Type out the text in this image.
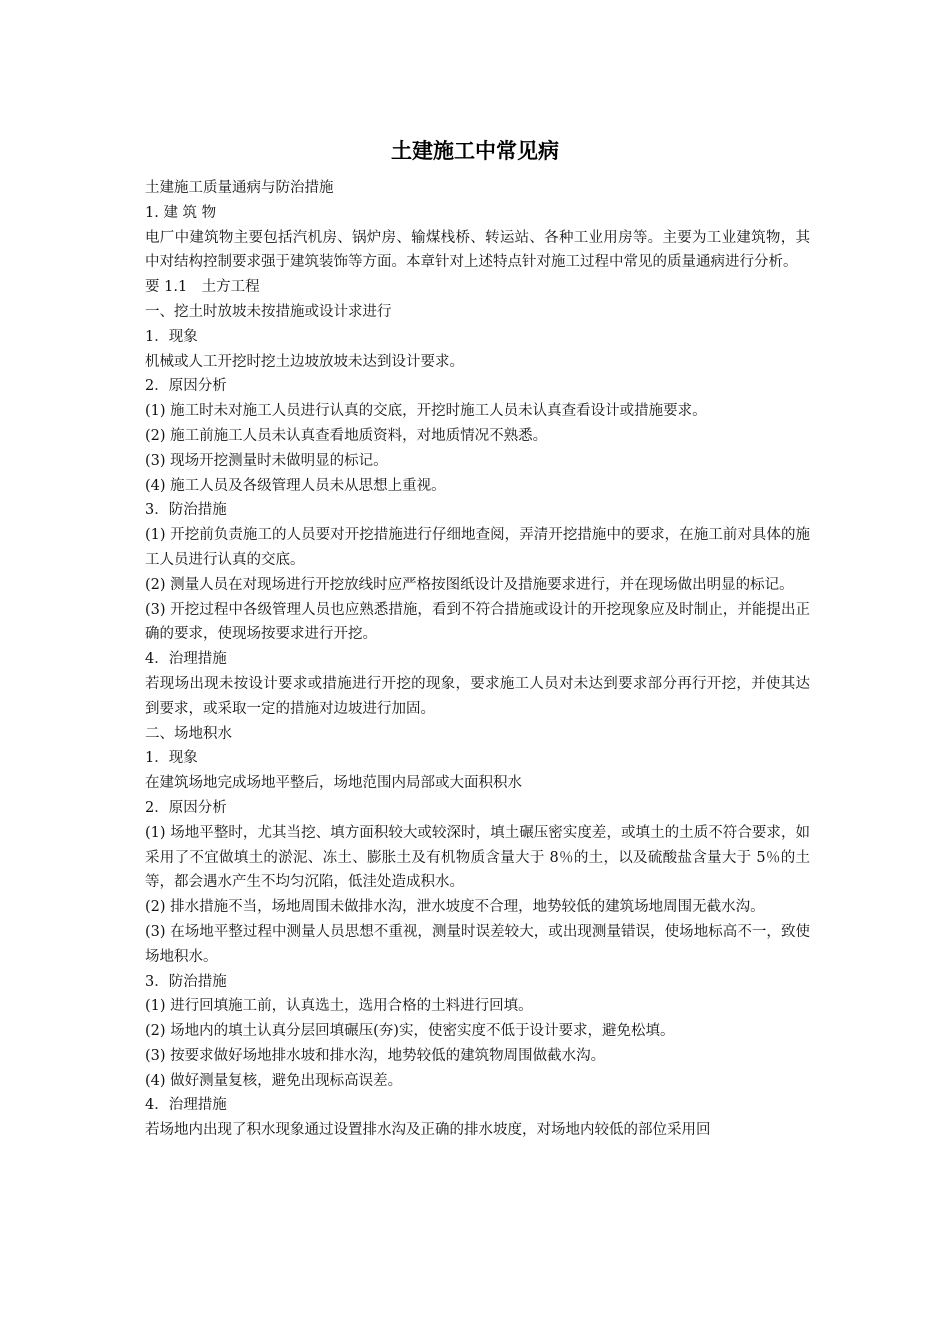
土建施工中常见病

土建施工质量通病与防治措施

1. 建 筑 物

电厂中建筑物主要包括汽机房、锅炉房、输煤栈桥、转运站、各种工业用房等。主要为工业建筑物，其中对结构控制要求强于建筑装饰等方面。本章针对上述特点针对施工过程中常见的质量通病进行分析。

要 1.1　土方工程

一、挖土时放坡未按措施或设计求进行

1．现象

机械或人工开挖时挖土边坡放坡未达到设计要求。

2．原因分析

(1) 施工时未对施工人员进行认真的交底，开挖时施工人员未认真查看设计或措施要求。

(2) 施工前施工人员未认真查看地质资料，对地质情况不熟悉。

(3) 现场开挖测量时未做明显的标记。

(4) 施工人员及各级管理人员未从思想上重视。

3．防治措施

(1) 开挖前负责施工的人员要对开挖措施进行仔细地查阅，弄清开挖措施中的要求，在施工前对具体的施工人员进行认真的交底。

(2) 测量人员在对现场进行开挖放线时应严格按图纸设计及措施要求进行，并在现场做出明显的标记。

(3) 开挖过程中各级管理人员也应熟悉措施，看到不符合措施或设计的开挖现象应及时制止，并能提出正确的要求，使现场按要求进行开挖。

4．治理措施

若现场出现未按设计要求或措施进行开挖的现象，要求施工人员对未达到要求部分再行开挖，并使其达到要求，或采取一定的措施对边坡进行加固。

二、场地积水

1．现象

在建筑场地完成场地平整后，场地范围内局部或大面积积水

2．原因分析

(1) 场地平整时，尤其当挖、填方面积较大或较深时，填土碾压密实度差，或填土的土质不符合要求，如采用了不宜做填土的淤泥、冻土、膨胀土及有机物质含量大于 8％的土，以及硫酸盐含量大于 5％的土等，都会遇水产生不均匀沉陷，低洼处造成积水。

(2) 排水措施不当，场地周围未做排水沟，泄水坡度不合理，地势较低的建筑场地周围无截水沟。

(3) 在场地平整过程中测量人员思想不重视，测量时误差较大，或出现测量错误，使场地标高不一，致使场地积水。

3．防治措施

(1) 进行回填施工前，认真选土，选用合格的土料进行回填。

(2) 场地内的填土认真分层回填碾压(夯)实，使密实度不低于设计要求，避免松填。

(3) 按要求做好场地排水坡和排水沟，地势较低的建筑物周围做截水沟。

(4) 做好测量复核，避免出现标高误差。

4．治理措施

若场地内出现了积水现象通过设置排水沟及正确的排水坡度，对场地内较低的部位采用回
